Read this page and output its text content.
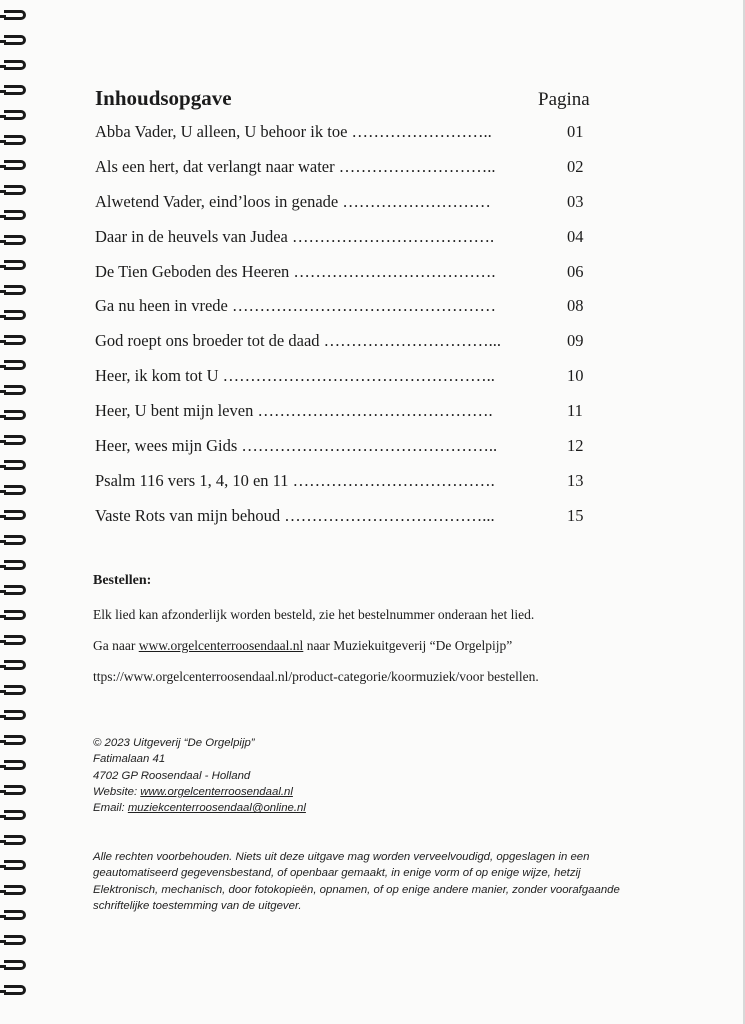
Inhoudsopgave	Pagina
Abba Vader, U alleen, U behoor ik toe ……………………..	01
Als een hert, dat verlangt naar water ………………………..	02
Alwetend Vader, eind’loos in genade ………………………	03
Daar in de heuvels van Judea ……………………………….	04
De Tien Geboden des Heeren ……………………………….	06
Ga nu heen in vrede …………………………………………	08
God roept ons broeder tot de daad …………………………...	09
Heer, ik kom tot U …………………………………………..	10
Heer, U bent mijn leven …………………………………….	11
Heer, wees mijn Gids ………………………………………..	12
Psalm 116 vers 1, 4, 10 en 11 ……………………………….	13
Vaste Rots van mijn behoud ………………………………...	15
Bestellen:

Elk lied kan afzonderlijk worden besteld, zie het bestelnummer onderaan het lied.

Ga naar www.orgelcenterroosendaal.nl naar Muziekuitgeverij “De Orgelpijp”

ttps://www.orgelcenterroosendaal.nl/product-categorie/koormuziek/voor bestellen.

© 2023 Uitgeverij “De Orgelpijp”
Fatimalaan 41
4702 GP Roosendaal - Holland
Website: www.orgelcenterroosendaal.nl
Email: muziekcenterroosendaal@online.nl
Alle rechten voorbehouden. Niets uit deze uitgave mag worden verveelvoudigd, opgeslagen in een
geautomatiseerd gegevensbestand, of openbaar gemaakt, in enige vorm of op enige wijze, hetzij
Elektronisch, mechanisch, door fotokopieën, opnamen, of op enige andere manier, zonder voorafgaande
schriftelijke toestemming van de uitgever.
